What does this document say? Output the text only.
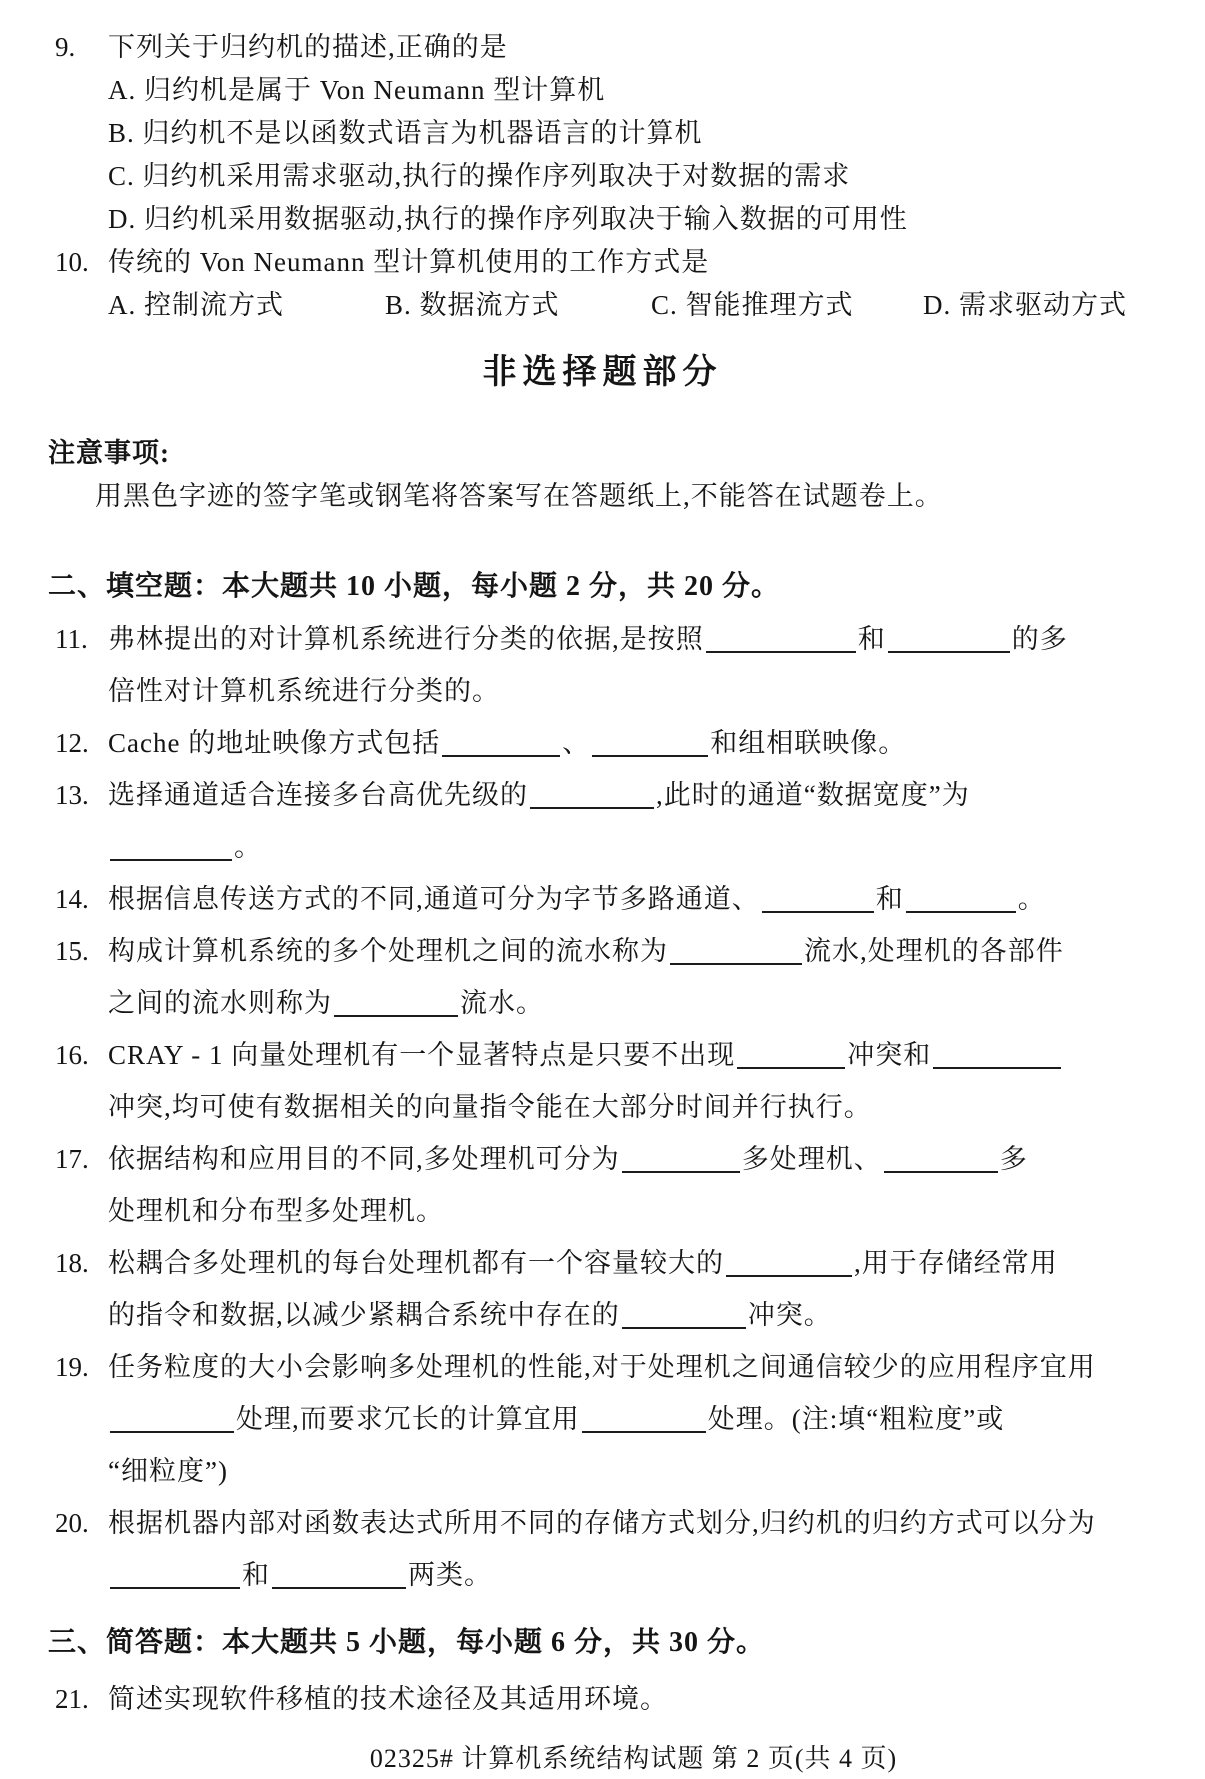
9.	下列关于归约机的描述,正确的是
A. 归约机是属于 Von Neumann 型计算机
B. 归约机不是以函数式语言为机器语言的计算机
C. 归约机采用需求驱动,执行的操作序列取决于对数据的需求
D. 归约机采用数据驱动,执行的操作序列取决于输入数据的可用性
10. 传统的 Von Neumann 型计算机使用的工作方式是
A. 控制流方式	B. 数据流方式	C. 智能推理方式	D. 需求驱动方式
非选择题部分
注意事项:
用黑色字迹的签字笔或钢笔将答案写在答题纸上,不能答在试题卷上。
二、填空题：本大题共 10 小题，每小题 2 分，共 20 分。
11. 弗林提出的对计算机系统进行分类的依据,是按照	和	的多
倍性对计算机系统进行分类的。
12. Cache 的地址映像方式包括	、	和组相联映像。
13. 选择通道适合连接多台高优先级的	,此时的通道“数据宽度”为
。
14. 根据信息传送方式的不同,通道可分为字节多路通道、	和	。
15. 构成计算机系统的多个处理机之间的流水称为	流水,处理机的各部件
之间的流水则称为	流水。
16. CRAY - 1 向量处理机有一个显著特点是只要不出现	冲突和
冲突,均可使有数据相关的向量指令能在大部分时间并行执行。
17. 依据结构和应用目的不同,多处理机可分为	多处理机、	多
处理机和分布型多处理机。
18. 松耦合多处理机的每台处理机都有一个容量较大的	,用于存储经常用
的指令和数据,以减少紧耦合系统中存在的	冲突。
19. 任务粒度的大小会影响多处理机的性能,对于处理机之间通信较少的应用程序宜用
处理,而要求冗长的计算宜用	处理。(注:填“粗粒度”或
“细粒度”)
20. 根据机器内部对函数表达式所用不同的存储方式划分,归约机的归约方式可以分为
和	两类。
三、简答题：本大题共 5 小题，每小题 6 分，共 30 分。
21. 简述实现软件移植的技术途径及其适用环境。
02325# 计算机系统结构试题 第 2 页(共 4 页)
